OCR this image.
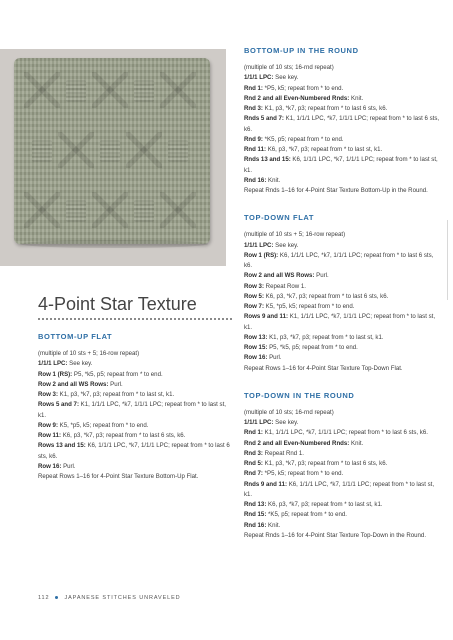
4-Point Star Texture
BOTTOM-UP FLAT

(multiple of 10 sts + 5; 16-row repeat)

1/1/1 LPC: See key.

Row 1 (RS): P5, *k5, p5; repeat from * to end.

Row 2 and all WS Rows: Purl.

Row 3: K1, p3, *k7, p3; repeat from * to last st, k1.

Rows 5 and 7: K1, 1/1/1 LPC, *k7, 1/1/1 LPC; repeat from * to last st, k1.

Row 9: K5, *p5, k5; repeat from * to end.

Row 11: K6, p3, *k7, p3; repeat from * to last 6 sts, k6.

Rows 13 and 15: K6, 1/1/1 LPC, *k7, 1/1/1 LPC; repeat from * to last 6 sts, k6.

Row 16: Purl.

Repeat Rows 1–16 for 4-Point Star Texture Bottom-Up Flat.

BOTTOM-UP IN THE ROUND

(multiple of 10 sts; 16-rnd repeat)

1/1/1 LPC: See key.

Rnd 1: *P5, k5; repeat from * to end.

Rnd 2 and all Even-Numbered Rnds: Knit.

Rnd 3: K1, p3, *k7, p3; repeat from * to last 6 sts, k6.

Rnds 5 and 7: K1, 1/1/1 LPC, *k7, 1/1/1 LPC; repeat from * to last 6 sts, k6.

Rnd 9: *K5, p5; repeat from * to end.

Rnd 11: K6, p3, *k7, p3; repeat from * to last st, k1.

Rnds 13 and 15: K6, 1/1/1 LPC, *k7, 1/1/1 LPC; repeat from * to last st, k1.

Rnd 16: Knit.

Repeat Rnds 1–16 for 4-Point Star Texture Bottom-Up in the Round.

TOP-DOWN FLAT

(multiple of 10 sts + 5; 16-row repeat)

1/1/1 LPC: See key.

Row 1 (RS): K6, 1/1/1 LPC, *k7, 1/1/1 LPC; repeat from * to last 6 sts, k6.

Row 2 and all WS Rows: Purl.

Row 3: Repeat Row 1.

Row 5: K6, p3, *k7, p3; repeat from * to last 6 sts, k6.

Row 7: K5, *p5, k5; repeat from * to end.

Rows 9 and 11: K1, 1/1/1 LPC, *k7, 1/1/1 LPC; repeat from * to last st, k1.

Row 13: K1, p3, *k7, p3; repeat from * to last st, k1.

Row 15: P5, *k5, p5; repeat from * to end.

Row 16: Purl.

Repeat Rows 1–16 for 4-Point Star Texture Top-Down Flat.

TOP-DOWN IN THE ROUND

(multiple of 10 sts; 16-rnd repeat)

1/1/1 LPC: See key.

Rnd 1: K1, 1/1/1 LPC, *k7, 1/1/1 LPC; repeat from * to last 6 sts, k6.

Rnd 2 and all Even-Numbered Rnds: Knit.

Rnd 3: Repeat Rnd 1.

Rnd 5: K1, p3, *k7, p3; repeat from * to last 6 sts, k6.

Rnd 7: *P5, k5; repeat from * to end.

Rnds 9 and 11: K6, 1/1/1 LPC, *k7, 1/1/1 LPC; repeat from * to last st, k1.

Rnd 13: K6, p3, *k7, p3; repeat from * to last st, k1.

Rnd 15: *K5, p5; repeat from * to end.

Rnd 16: Knit.

Repeat Rnds 1–16 for 4-Point Star Texture Top-Down in the Round.

112	JAPANESE STITCHES UNRAVELED
